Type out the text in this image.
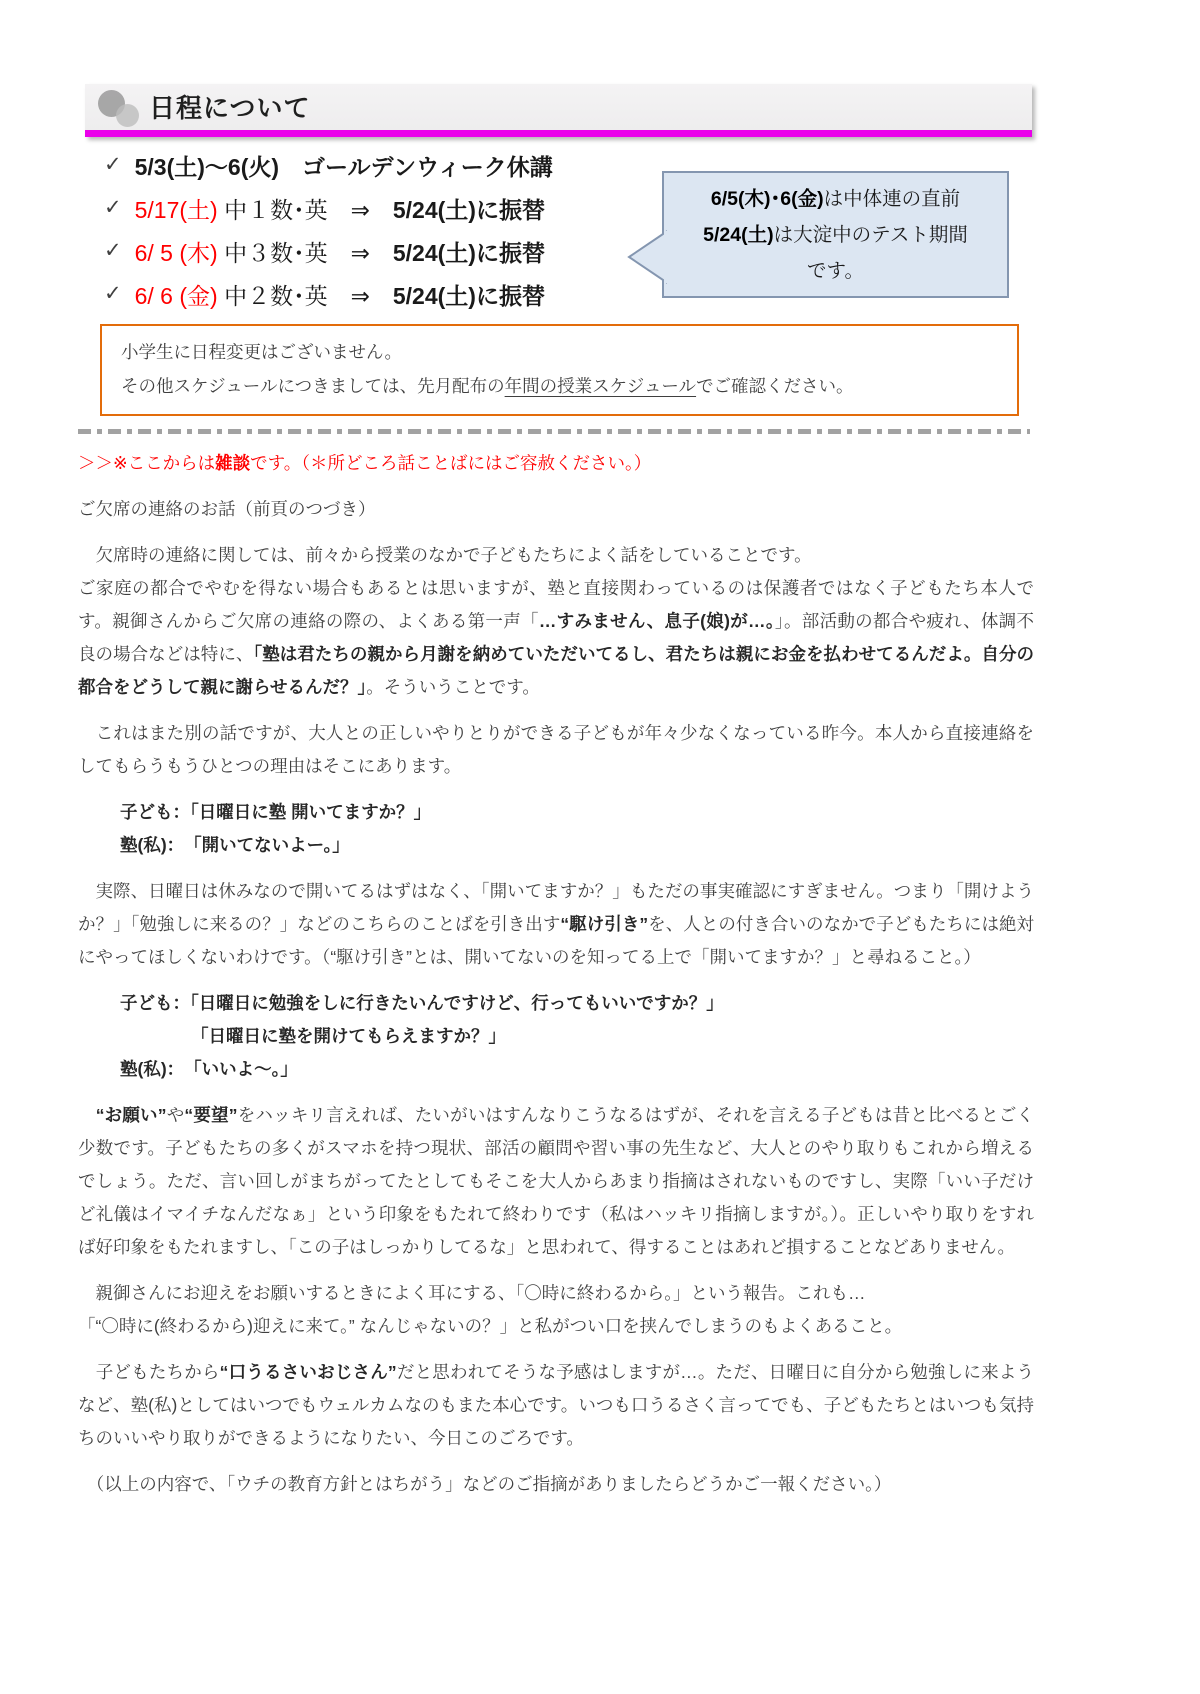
日程について
✓ 5/3(土)～6(火)　ゴールデンウィーク休講
✓ 5/17(土) 中１数･英　⇒　5/24(土)に振替
✓ 6/ 5 (木) 中３数･英　⇒　5/24(土)に振替
✓ 6/ 6 (金) 中２数･英　⇒　5/24(土)に振替
6/5(木)･6(金)は中体連の直前
5/24(土)は大淀中のテスト期間
です。
小学生に日程変更はございません。
その他スケジュールにつきましては、先月配布の年間の授業スケジュールでご確認ください。

＞＞※ここからは雑談です。（＊所どころ話ことばにはご容赦ください。）

ご欠席の連絡のお話（前頁のつづき）

　欠席時の連絡に関しては、前々から授業のなかで子どもたちによく話をしていることです。
ご家庭の都合でやむを得ない場合もあるとは思いますが、塾と直接関わっているのは保護者ではなく子どもたち本人です。親御さんからご欠席の連絡の際の、よくある第一声「…すみません、息子(娘)が…。」。部活動の都合や疲れ、体調不良の場合などは特に、「塾は君たちの親から月謝を納めていただいてるし、君たちは親にお金を払わせてるんだよ。自分の都合をどうして親に謝らせるんだ？」。そういうことです。

　これはまた別の話ですが、大人との正しいやりとりができる子どもが年々少なくなっている昨今。本人から直接連絡をしてもらうもうひとつの理由はそこにあります。

子ども：「日曜日に塾 開いてますか？」
塾(私)：　「開いてないよー。」

　実際、日曜日は休みなので開いてるはずはなく、「開いてますか？」もただの事実確認にすぎません。つまり「開けようか？」「勉強しに来るの？」などのこちらのことばを引き出す“駆け引き”を、人との付き合いのなかで子どもたちには絶対にやってほしくないわけです。（“駆け引き”とは、開いてないのを知ってる上で「開いてますか？」と尋ねること。）

子ども：「日曜日に勉強をしに行きたいんですけど、行ってもいいですか？」
「日曜日に塾を開けてもらえますか？」
塾(私)：　「いいよ～。」

　“お願い”や“要望”をハッキリ言えれば、たいがいはすんなりこうなるはずが、それを言える子どもは昔と比べるとごく少数です。子どもたちの多くがスマホを持つ現状、部活の顧問や習い事の先生など、大人とのやり取りもこれから増えるでしょう。ただ、言い回しがまちがってたとしてもそこを大人からあまり指摘はされないものですし、実際「いい子だけど礼儀はイマイチなんだなぁ」という印象をもたれて終わりです（私はハッキリ指摘しますが。）。正しいやり取りをすれば好印象をもたれますし、「この子はしっかりしてるな」と思われて、得することはあれど損することなどありません。

　親御さんにお迎えをお願いするときによく耳にする、「〇時に終わるから。」という報告。これも…
「“〇時に(終わるから)迎えに来て。” なんじゃないの？」と私がつい口を挟んでしまうのもよくあること。

　子どもたちから“口うるさいおじさん”だと思われてそうな予感はしますが…。ただ、日曜日に自分から勉強しに来ようなど、塾(私)としてはいつでもウェルカムなのもまた本心です。いつも口うるさく言ってでも、子どもたちとはいつも気持ちのいいやり取りができるようになりたい、今日このごろです。

　（以上の内容で、「ウチの教育方針とはちがう」などのご指摘がありましたらどうかご一報ください。）
